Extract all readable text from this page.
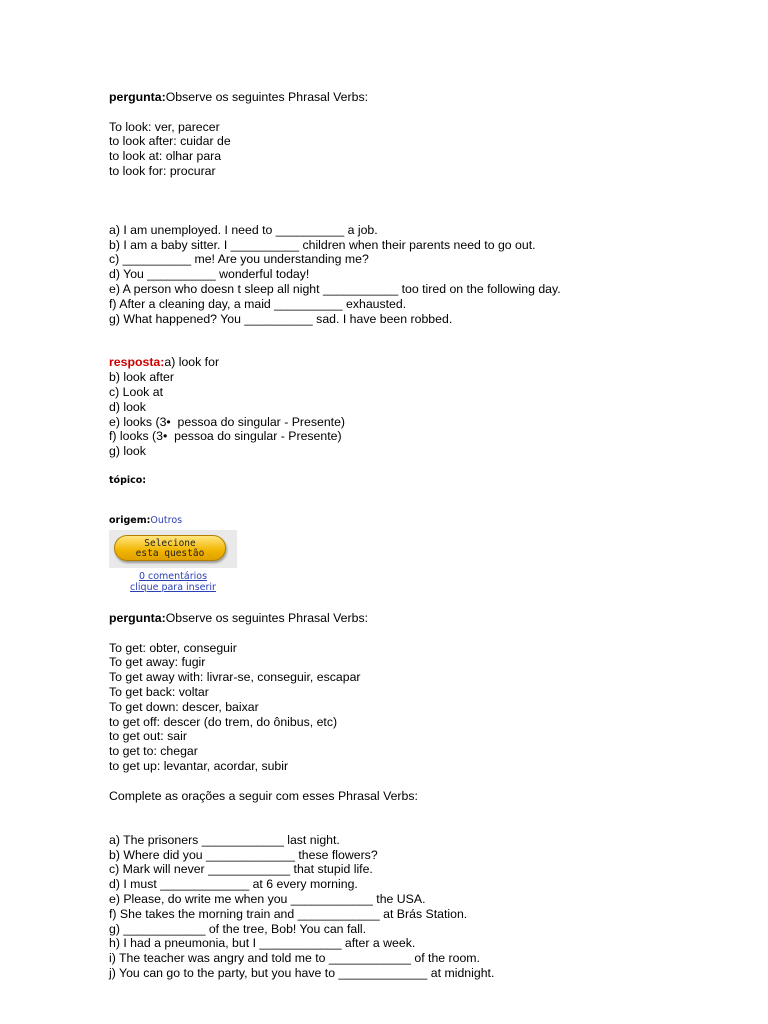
pergunta:Observe os seguintes Phrasal Verbs:
To look: ver, parecer
to look after: cuidar de
to look at: olhar para
to look for: procurar
a) I am unemployed. I need to __________ a job.
b) I am a baby sitter. I __________ children when their parents need to go out.
c) __________ me! Are you understanding me?
d) You __________ wonderful today!
e) A person who doesn t sleep all night ___________ too tired on the following day.
f) After a cleaning day, a maid __________ exhausted.
g) What happened? You __________ sad. I have been robbed.
resposta:a) look for
b) look after
c) Look at
d) look
e) looks (3•  pessoa do singular - Presente)
f) looks (3•  pessoa do singular - Presente)
g) look
tópico:
origem:Outros
Selecione
esta questão
0 comentários
clique para inserir
pergunta:Observe os seguintes Phrasal Verbs:
To get: obter, conseguir
To get away: fugir
To get away with: livrar-se, conseguir, escapar
To get back: voltar
To get down: descer, baixar
to get off: descer (do trem, do ônibus, etc)
to get out: sair
to get to: chegar
to get up: levantar, acordar, subir
Complete as orações a seguir com esses Phrasal Verbs:
a) The prisoners ____________ last night.
b) Where did you _____________ these flowers?
c) Mark will never ____________ that stupid life.
d) I must _____________ at 6 every morning.
e) Please, do write me when you ____________ the USA.
f) She takes the morning train and ____________ at Brás Station.
g) ____________ of the tree, Bob! You can fall.
h) I had a pneumonia, but I ____________ after a week.
i) The teacher was angry and told me to ____________ of the room.
j) You can go to the party, but you have to _____________ at midnight.
